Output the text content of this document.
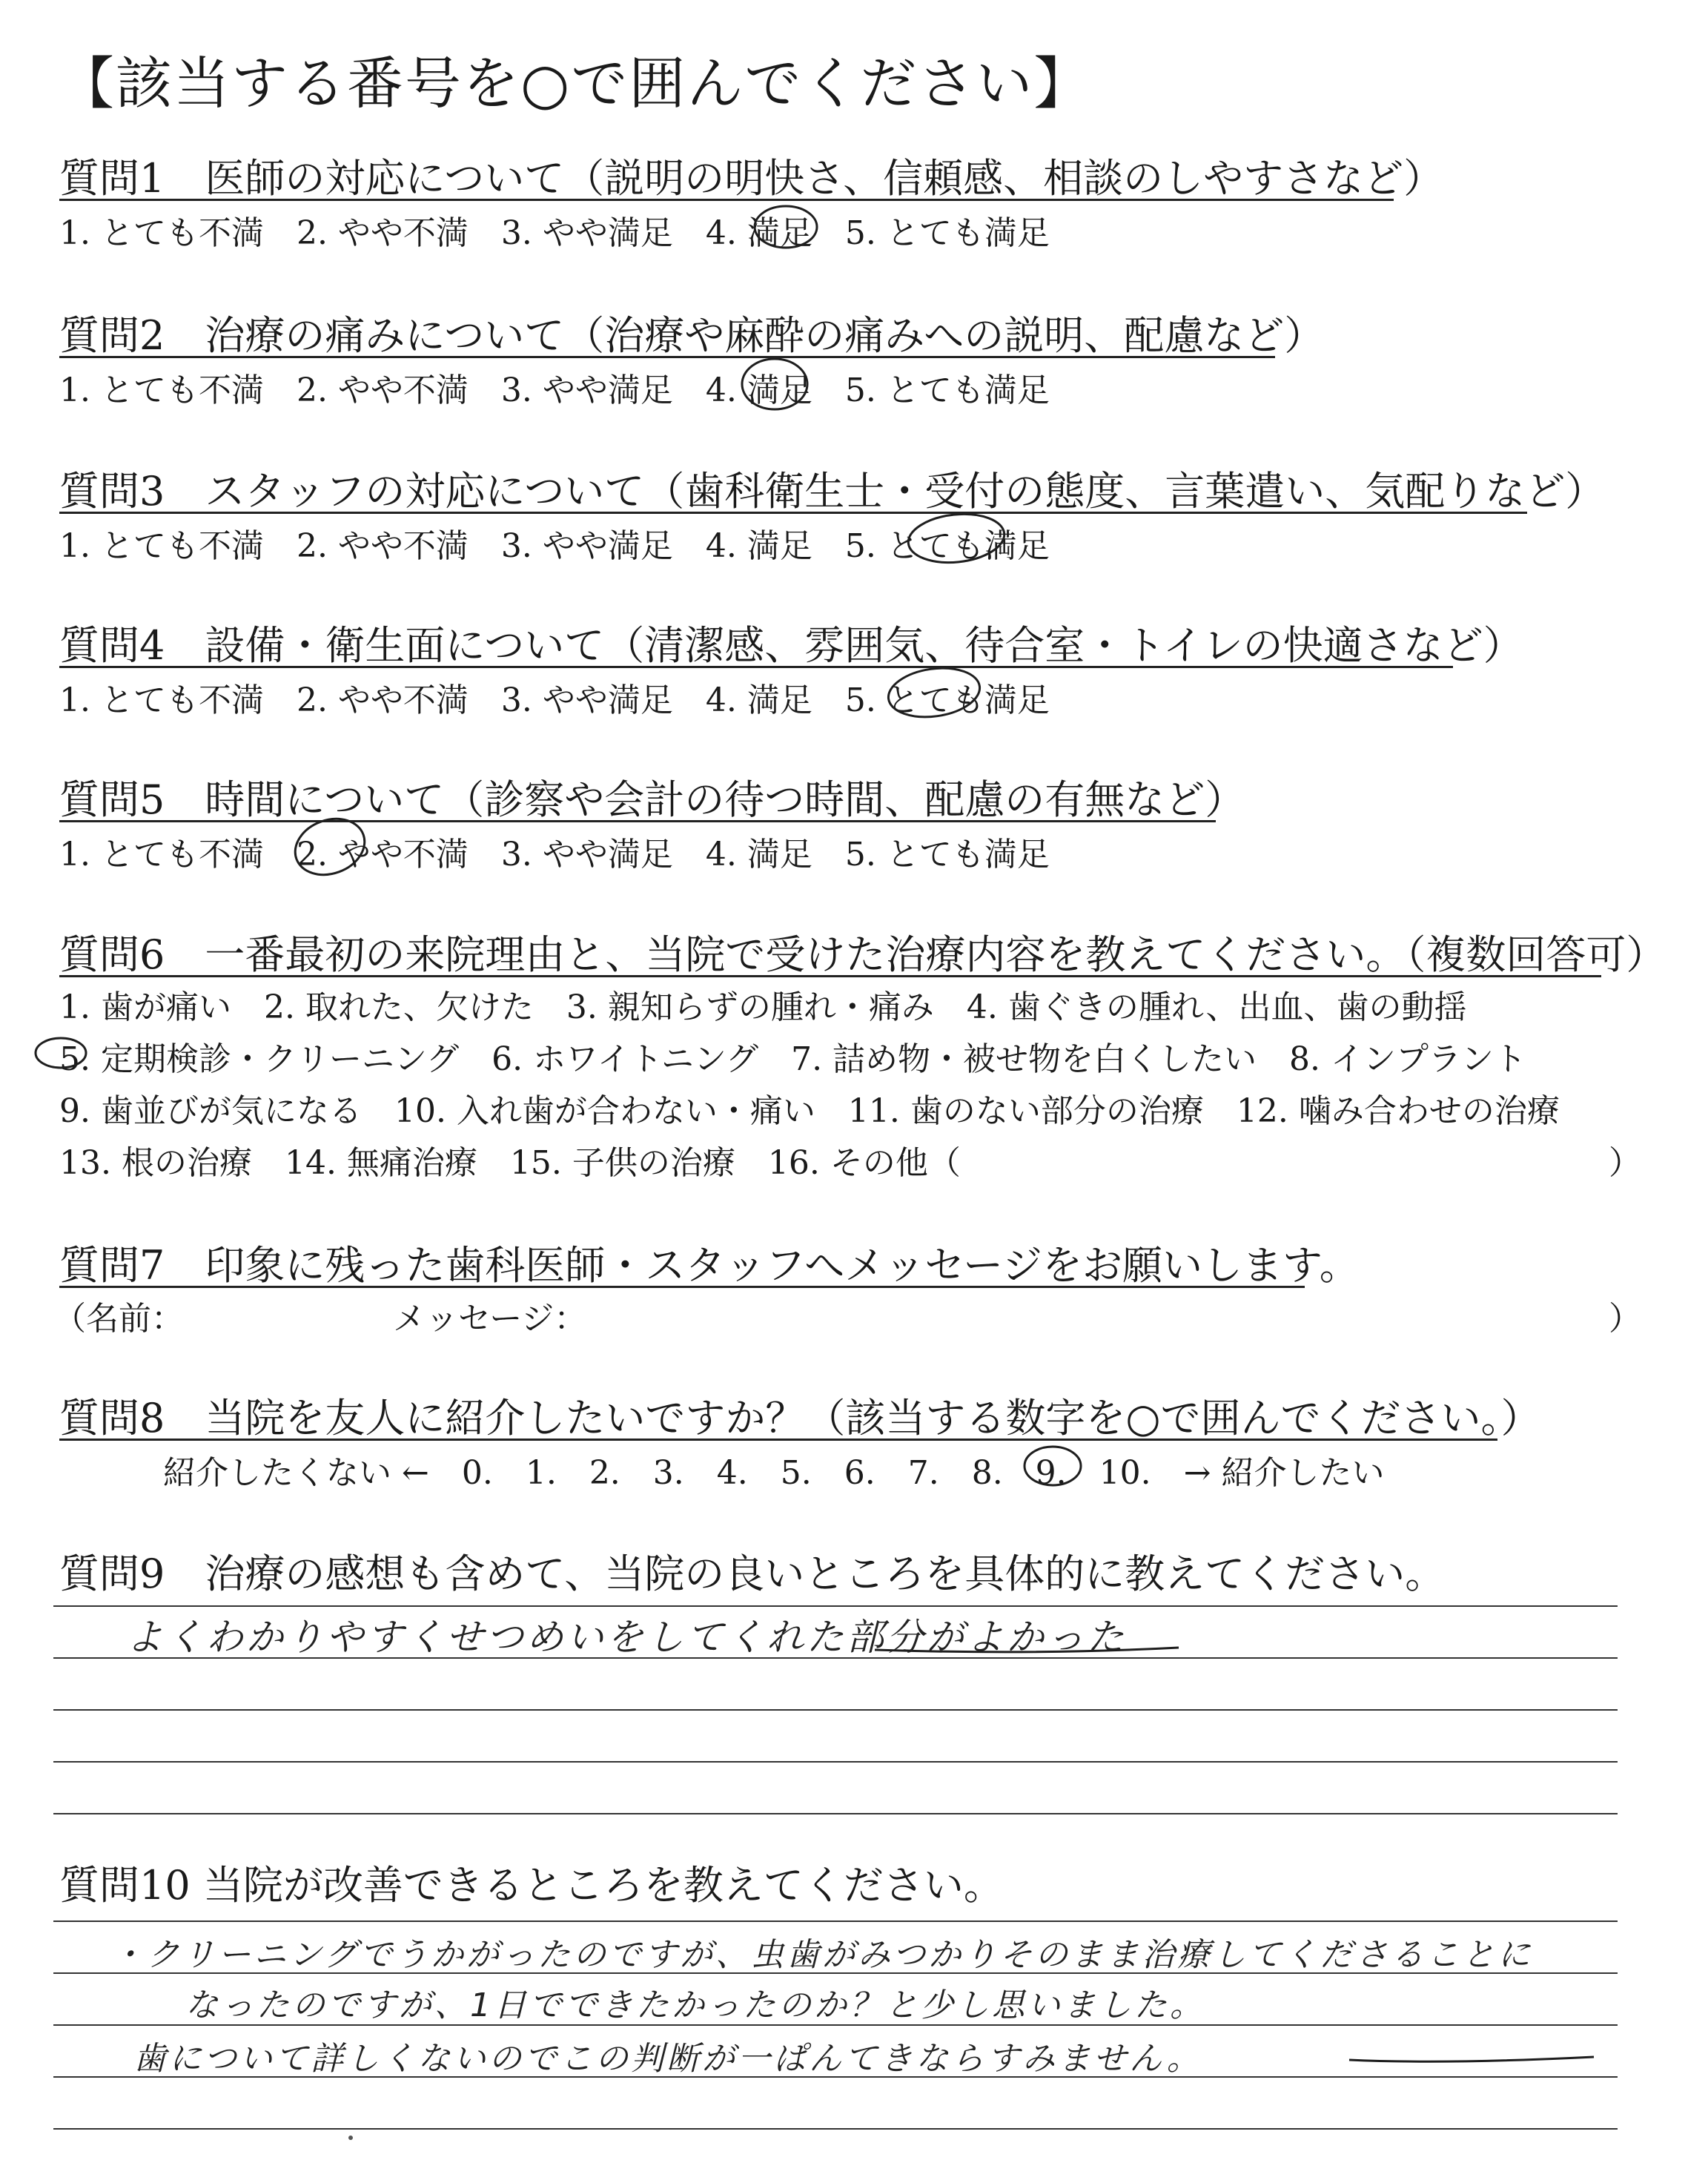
【該当する番号を○で囲んでください】
質問1　医師の対応について（説明の明快さ、信頼感、相談のしやすさなど）
1. とても不満　2. やや不満　3. やや満足　4. 満足　5. とても満足
質問2　治療の痛みについて（治療や麻酔の痛みへの説明、配慮など）
1. とても不満　2. やや不満　3. やや満足　4. 満足　5. とても満足
質問3　スタッフの対応について（歯科衛生士・受付の態度、言葉遣い、気配りなど）
1. とても不満　2. やや不満　3. やや満足　4. 満足　5. とても満足
質問4　設備・衛生面について（清潔感、雰囲気、待合室・トイレの快適さなど）
1. とても不満　2. やや不満　3. やや満足　4. 満足　5. とても満足
質問5　時間について（診察や会計の待つ時間、配慮の有無など）
1. とても不満　2. やや不満　3. やや満足　4. 満足　5. とても満足
質問6　一番最初の来院理由と、当院で受けた治療内容を教えてください。（複数回答可）
1. 歯が痛い　2. 取れた、欠けた　3. 親知らずの腫れ・痛み　4. 歯ぐきの腫れ、出血、歯の動揺
5. 定期検診・クリーニング　6. ホワイトニング　7. 詰め物・被せ物を白くしたい　8. インプラント
9. 歯並びが気になる　10. 入れ歯が合わない・痛い　11. 歯のない部分の治療　12. 噛み合わせの治療
13. 根の治療　14. 無痛治療　15. 子供の治療　16. その他（	）
質問7　印象に残った歯科医師・スタッフへメッセージをお願いします。
（名前：	メッセージ：	）
質問8　当院を友人に紹介したいですか？（該当する数字を○で囲んでください。）
紹介したくない ←　0.　1.　2.　3.　4.　5.　6.　7.　8.　9.　10.　→ 紹介したい
質問9　治療の感想も含めて、当院の良いところを具体的に教えてください。
よくわかりやすくせつめいをしてくれた部分がよかった
質問10 当院が改善できるところを教えてください。
・クリーニングでうかがったのですが、虫歯がみつかりそのまま治療してくださることに
なったのですが、1日でできたかったのか？と少し思いました。
歯について詳しくないのでこの判断が一ぱんてきならすみません。
